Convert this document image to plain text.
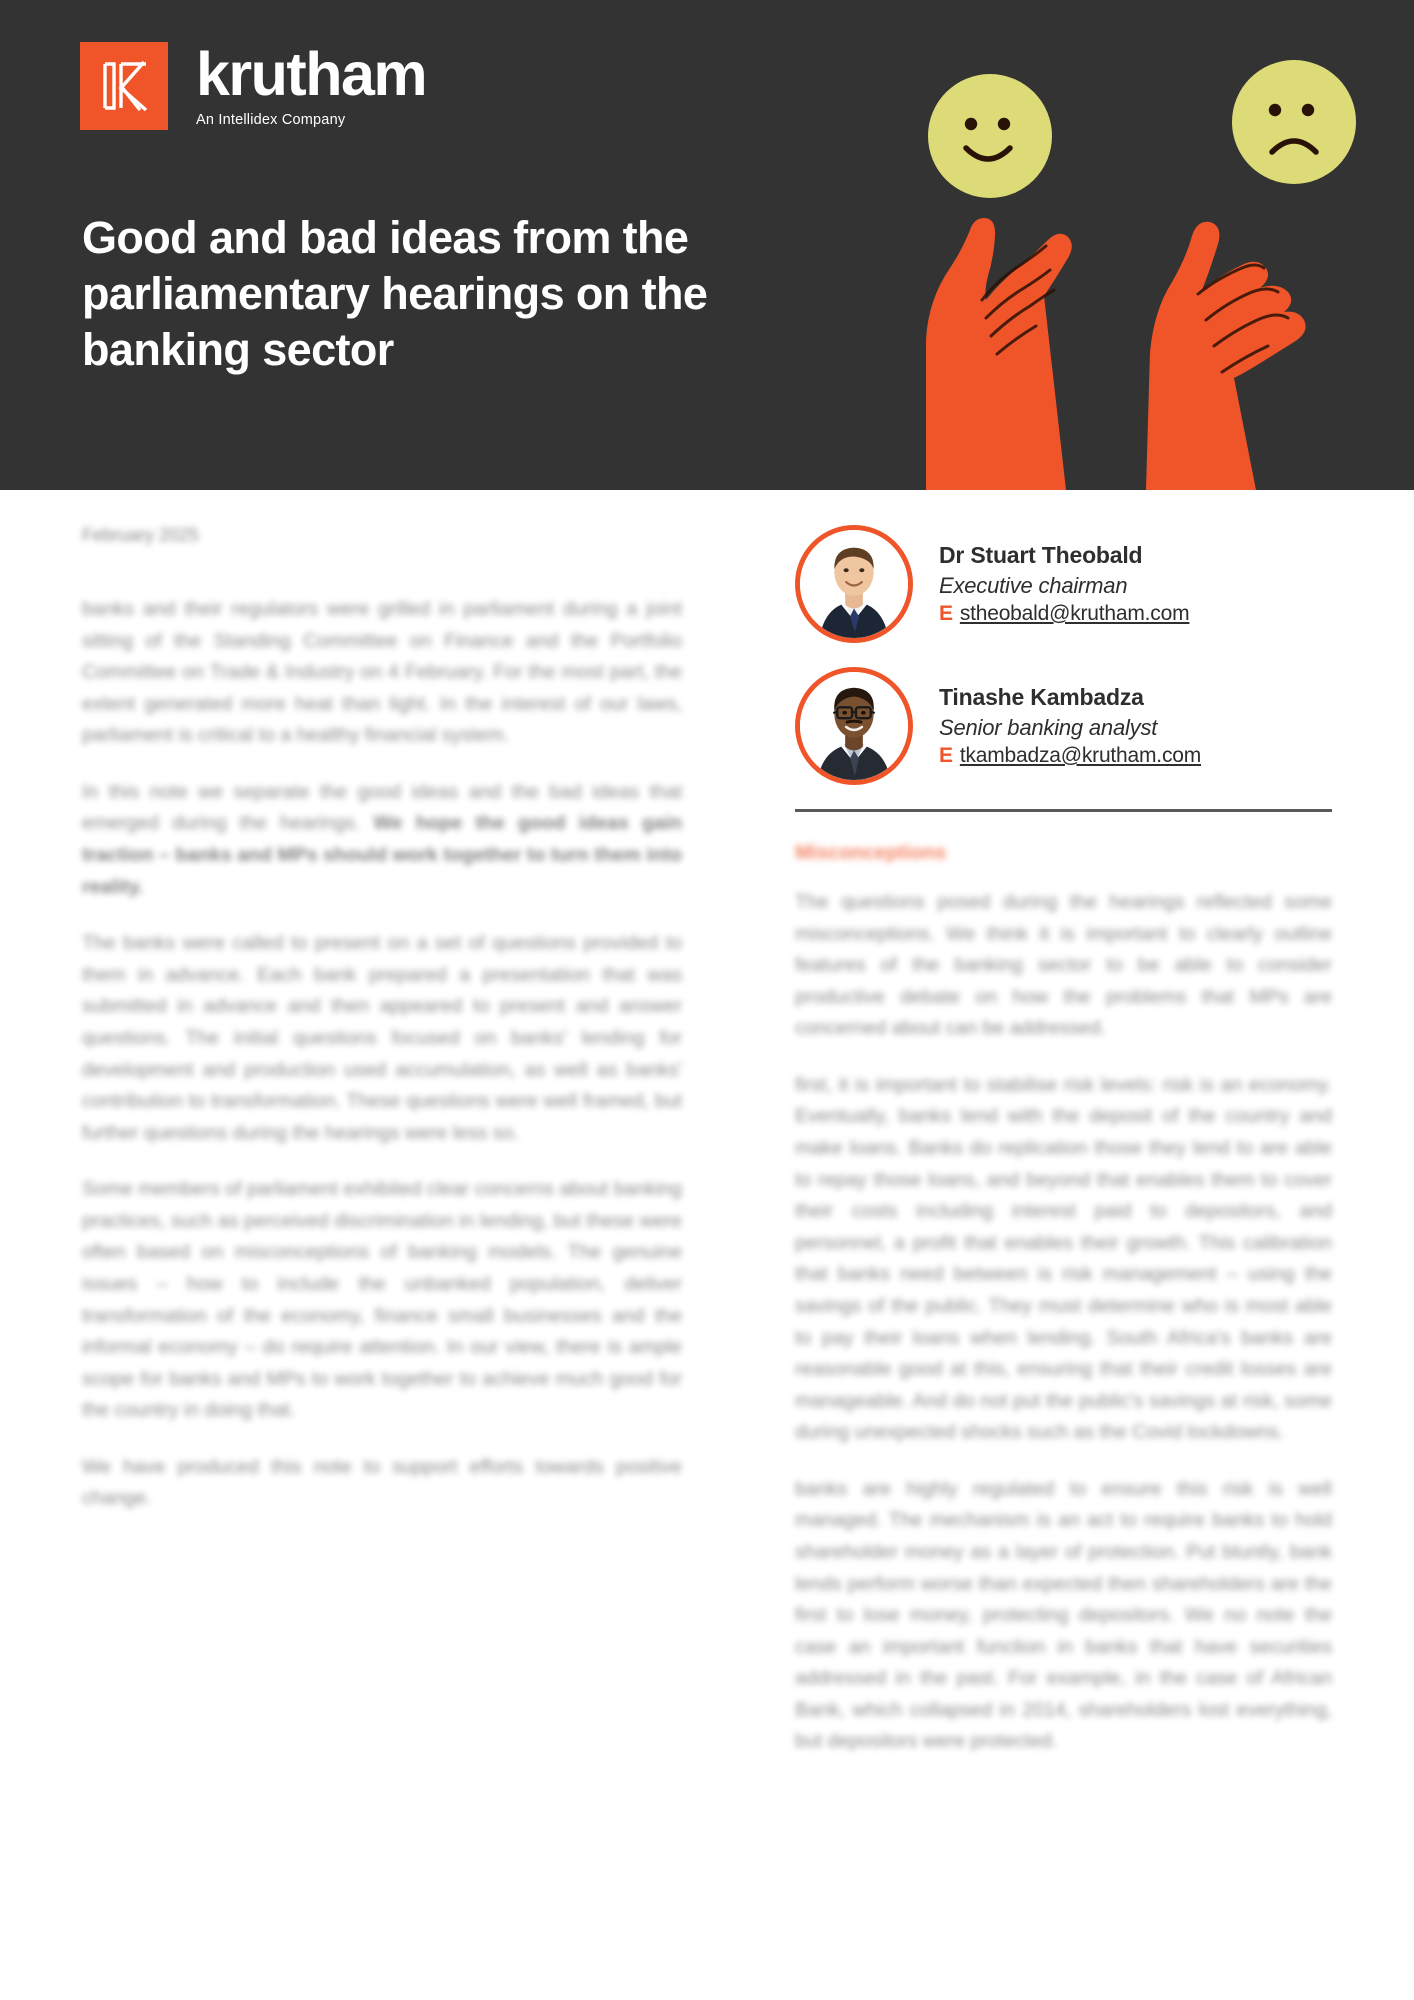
krutham
An Intellidex Company
Good and bad ideas from the parliamentary hearings on the banking sector
February 2025

banks and their regulators were grilled in parliament during a joint sitting of the Standing Committee on Finance and the Portfolio Committee on Trade & Industry on 4 February. For the most part, the extent generated more heat than light. In the interest of our laws, parliament is critical to a healthy financial system.

In this note we separate the good ideas and the bad ideas that emerged during the hearings. We hope the good ideas gain traction – banks and MPs should work together to turn them into reality.

The banks were called to present on a set of questions provided to them in advance. Each bank prepared a presentation that was submitted in advance and then appeared to present and answer questions. The initial questions focused on banks' lending for development and production used accumulation, as well as banks' contribution to transformation. These questions were well framed, but further questions during the hearings were less so.

Some members of parliament exhibited clear concerns about banking practices, such as perceived discrimination in lending, but these were often based on misconceptions of banking models. The genuine issues – how to include the unbanked population, deliver transformation of the economy, finance small businesses and the informal economy – do require attention. In our view, there is ample scope for banks and MPs to work together to achieve much good for the country in doing that.

We have produced this note to support efforts towards positive change.

Dr Stuart Theobald
Executive chairman
E stheobald@krutham.com
Tinashe Kambadza
Senior banking analyst
E tkambadza@krutham.com
Misconceptions

The questions posed during the hearings reflected some misconceptions. We think it is important to clearly outline features of the banking sector to be able to consider productive debate on how the problems that MPs are concerned about can be addressed.

first, it is important to stabilise risk levels: risk is an economy. Eventually, banks lend with the deposit of the country and make loans. Banks do replication those they lend to are able to repay those loans, and beyond that enables them to cover their costs including interest paid to depositors, and personnel, a profit that enables their growth. This calibration that banks need between is risk management – using the savings of the public. They must determine who is most able to pay their loans when lending. South Africa's banks are reasonable good at this, ensuring that their credit losses are manageable. And do not put the public's savings at risk, some during unexpected shocks such as the Covid lockdowns.

banks are highly regulated to ensure this risk is well managed. The mechanism is an act to require banks to hold shareholder money as a layer of protection. Put bluntly, bank lends perform worse than expected then shareholders are the first to lose money, protecting depositors. We no note the case an important function in banks that have securities addressed in the past. For example, in the case of African Bank, which collapsed in 2014, shareholders lost everything, but depositors were protected.
